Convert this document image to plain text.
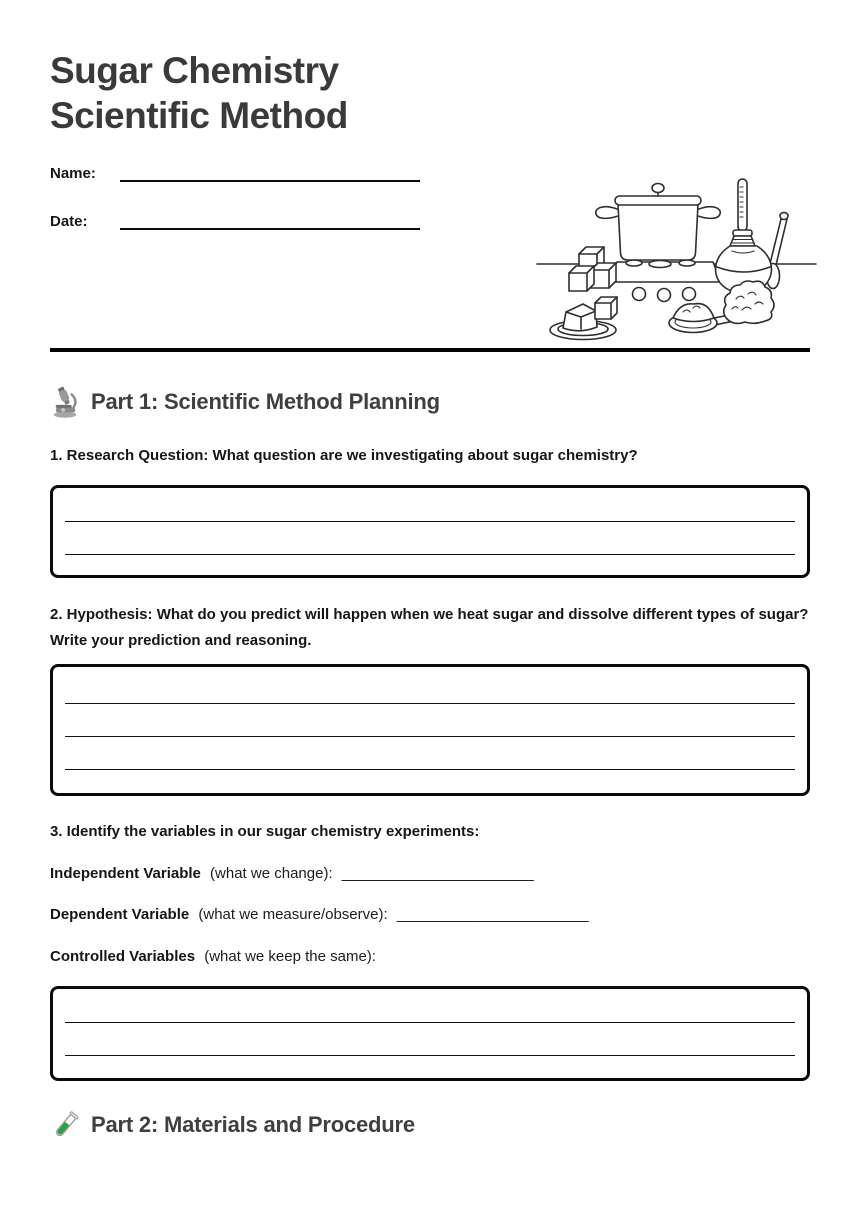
Sugar Chemistry
Scientific Method
Name:
Date:
Part 1: Scientific Method Planning
1. Research Question: What question are we investigating about sugar chemistry?
2. Hypothesis: What do you predict will happen when we heat sugar and dissolve different types of sugar? Write your prediction and reasoning.
3. Identify the variables in our sugar chemistry experiments:
Independent Variable (what we change): _______________________
Dependent Variable (what we measure/observe): _______________________
Controlled Variables (what we keep the same):
Part 2: Materials and Procedure
